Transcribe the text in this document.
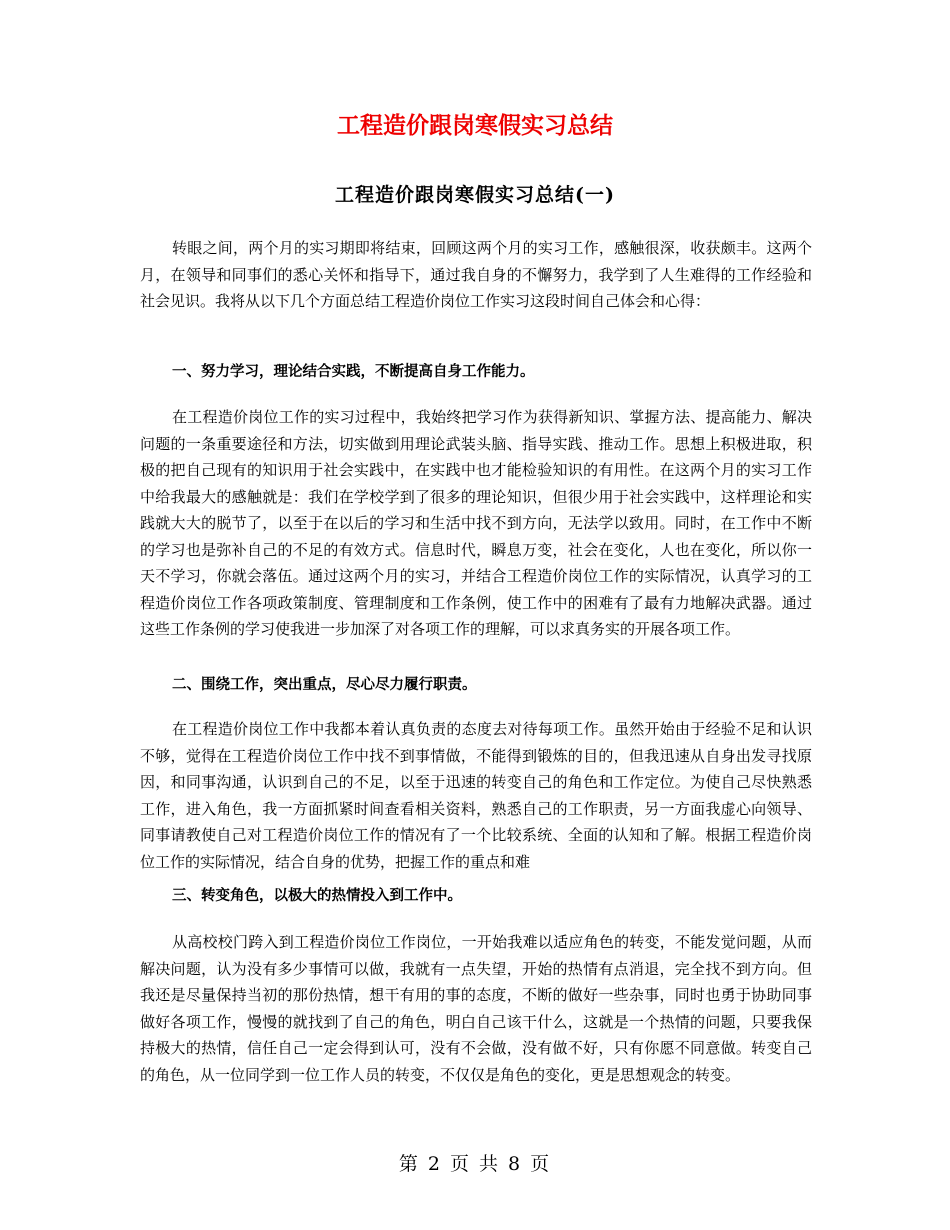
工程造价跟岗寒假实习总结
工程造价跟岗寒假实习总结(一)

转眼之间，两个月的实习期即将结束，回顾这两个月的实习工作，感触很深，收获颇丰。这两个月，在领导和同事们的悉心关怀和指导下，通过我自身的不懈努力，我学到了人生难得的工作经验和社会见识。我将从以下几个方面总结工程造价岗位工作实习这段时间自己体会和心得：

一、努力学习，理论结合实践，不断提高自身工作能力。

在工程造价岗位工作的实习过程中，我始终把学习作为获得新知识、掌握方法、提高能力、解决问题的一条重要途径和方法，切实做到用理论武装头脑、指导实践、推动工作。思想上积极进取，积极的把自己现有的知识用于社会实践中，在实践中也才能检验知识的有用性。在这两个月的实习工作中给我最大的感触就是：我们在学校学到了很多的理论知识，但很少用于社会实践中，这样理论和实践就大大的脱节了，以至于在以后的学习和生活中找不到方向，无法学以致用。同时，在工作中不断的学习也是弥补自己的不足的有效方式。信息时代，瞬息万变，社会在变化，人也在变化，所以你一天不学习，你就会落伍。通过这两个月的实习，并结合工程造价岗位工作的实际情况，认真学习的工程造价岗位工作各项政策制度、管理制度和工作条例，使工作中的困难有了最有力地解决武器。通过这些工作条例的学习使我进一步加深了对各项工作的理解，可以求真务实的开展各项工作。

二、围绕工作，突出重点，尽心尽力履行职责。

在工程造价岗位工作中我都本着认真负责的态度去对待每项工作。虽然开始由于经验不足和认识不够，觉得在工程造价岗位工作中找不到事情做，不能得到锻炼的目的，但我迅速从自身出发寻找原因，和同事沟通，认识到自己的不足，以至于迅速的转变自己的角色和工作定位。为使自己尽快熟悉工作，进入角色，我一方面抓紧时间查看相关资料，熟悉自己的工作职责，另一方面我虚心向领导、同事请教使自己对工程造价岗位工作的情况有了一个比较系统、全面的认知和了解。根据工程造价岗位工作的实际情况，结合自身的优势，把握工作的重点和难

三、转变角色，以极大的热情投入到工作中。

从高校校门跨入到工程造价岗位工作岗位，一开始我难以适应角色的转变，不能发觉问题，从而解决问题，认为没有多少事情可以做，我就有一点失望，开始的热情有点消退，完全找不到方向。但我还是尽量保持当初的那份热情，想干有用的事的态度，不断的做好一些杂事，同时也勇于协助同事做好各项工作，慢慢的就找到了自己的角色，明白自己该干什么，这就是一个热情的问题，只要我保持极大的热情，信任自己一定会得到认可，没有不会做，没有做不好，只有你愿不同意做。转变自己的角色，从一位同学到一位工作人员的转变，不仅仅是角色的变化，更是思想观念的转变。

第 2 页 共 8 页
